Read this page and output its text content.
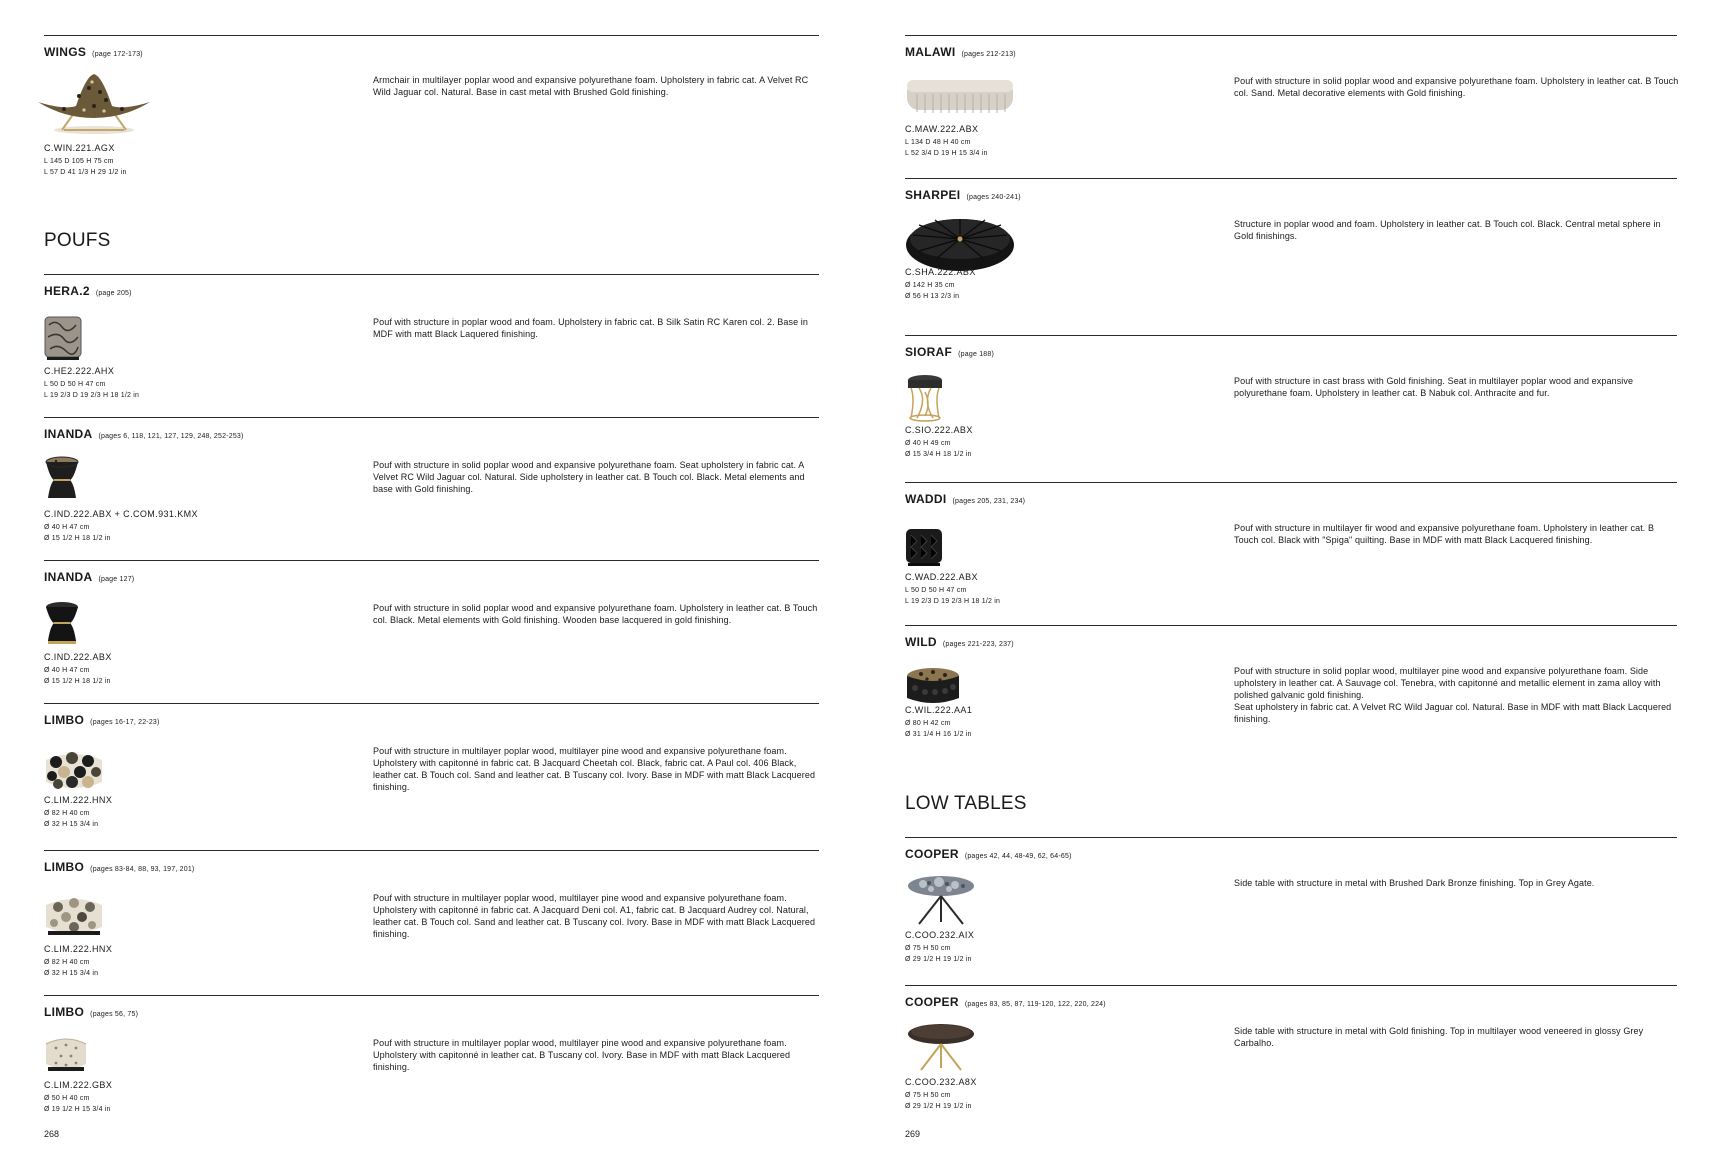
WINGS (page 172-173)
C.WIN.221.AGX
L 145 D 105 H 75 cm
L 57 D 41 1/3 H 29 1/2 in
Armchair in multilayer poplar wood and expansive polyurethane foam. Upholstery in fabric cat. A Velvet RC Wild Jaguar col. Natural. Base in cast metal with Brushed Gold finishing.
POUFS
HERA.2 (page 205)
C.HE2.222.AHX
L 50 D 50 H 47 cm
L 19 2/3 D 19 2/3 H 18 1/2 in
Pouf with structure in poplar wood and foam. Upholstery in fabric cat. B Silk Satin RC Karen col. 2. Base in MDF with matt Black Laquered finishing.
INANDA (pages 6, 118, 121, 127, 129, 248, 252-253)
C.IND.222.ABX + C.COM.931.KMX
Ø 40 H 47 cm
Ø 15 1/2 H 18 1/2 in
Pouf with structure in solid poplar wood and expansive polyurethane foam. Seat upholstery in fabric cat. A Velvet RC Wild Jaguar col. Natural. Side upholstery in leather cat. B Touch col. Black. Metal elements and base with Gold finishing.
INANDA (page 127)
C.IND.222.ABX
Ø 40 H 47 cm
Ø 15 1/2 H 18 1/2 in
Pouf with structure in solid poplar wood and expansive polyurethane foam. Upholstery in leather cat. B Touch col. Black. Metal elements with Gold finishing. Wooden base lacquered in gold finishing.
LIMBO (pages 16-17, 22-23)
C.LIM.222.HNX
Ø 82 H 40 cm
Ø 32 H 15 3/4 in
Pouf with structure in multilayer poplar wood, multilayer pine wood and expansive polyurethane foam. Upholstery with capitonné in fabric cat. B Jacquard Cheetah col. Black, fabric cat. A Paul col. 406 Black, leather cat. B Touch col. Sand and leather cat. B Tuscany col. Ivory. Base in MDF with matt Black Lacquered finishing.
LIMBO (pages 83-84, 88, 93, 197, 201)
C.LIM.222.HNX
Ø 82 H 40 cm
Ø 32 H 15 3/4 in
Pouf with structure in multilayer poplar wood, multilayer pine wood and expansive polyurethane foam. Upholstery with capitonné in fabric cat. A Jacquard Deni col. A1, fabric cat. B Jacquard Audrey col. Natural, leather cat. B Touch col. Sand and leather cat. B Tuscany col. Ivory. Base in MDF with matt Black Lacquered finishing.
LIMBO (pages 56, 75)
C.LIM.222.GBX
Ø 50 H 40 cm
Ø 19 1/2 H 15 3/4 in
Pouf with structure in multilayer poplar wood, multilayer pine wood and expansive polyurethane foam. Upholstery with capitonné in leather cat. B Tuscany col. Ivory. Base in MDF with matt Black Lacquered finishing.
268
MALAWI (pages 212-213)
C.MAW.222.ABX
L 134 D 48 H 40 cm
L 52 3/4 D 19 H 15 3/4 in
Pouf with structure in solid poplar wood and expansive polyurethane foam. Upholstery in leather cat. B Touch col. Sand. Metal decorative elements with Gold finishing.
SHARPEI (pages 240-241)
C.SHA.222.ABX
Ø 142 H 35 cm
Ø 56 H 13 2/3 in
Structure in poplar wood and foam. Upholstery in leather cat. B Touch col. Black. Central metal sphere in Gold finishings.
SIORAF (page 188)
C.SIO.222.ABX
Ø 40 H 49 cm
Ø 15 3/4 H 18 1/2 in
Pouf with structure in cast brass with Gold finishing. Seat in multilayer poplar wood and expansive polyurethane foam. Upholstery in leather cat. B Nabuk col. Anthracite and fur.
WADDI (pages 205, 231, 234)
C.WAD.222.ABX
L 50 D 50 H 47 cm
L 19 2/3 D 19 2/3 H 18 1/2 in
Pouf with structure in multilayer fir wood and expansive polyurethane foam. Upholstery in leather cat. B Touch col. Black with "Spiga" quilting. Base in MDF with matt Black Lacquered finishing.
WILD (pages 221-223, 237)
C.WIL.222.AA1
Ø 80 H 42 cm
Ø 31 1/4 H 16 1/2 in
Pouf with structure in solid poplar wood, multilayer pine wood and expansive polyurethane foam. Side upholstery in leather cat. A Sauvage col. Tenebra, with capitonné and metallic element in zama alloy with polished galvanic gold finishing.
Seat upholstery in fabric cat. A Velvet RC Wild Jaguar col. Natural. Base in MDF with matt Black Lacquered finishing.
LOW TABLES
COOPER (pages 42, 44, 48-49, 62, 64-65)
C.COO.232.AIX
Ø 75 H 50 cm
Ø 29 1/2 H 19 1/2 in
Side table with structure in metal with Brushed Dark Bronze finishing. Top in Grey Agate.
COOPER (pages 83, 85, 87, 119-120, 122, 220, 224)
C.COO.232.A8X
Ø 75 H 50 cm
Ø 29 1/2 H 19 1/2 in
Side table with structure in metal with Gold finishing. Top in multilayer wood veneered in glossy Grey Carbalho.
269
